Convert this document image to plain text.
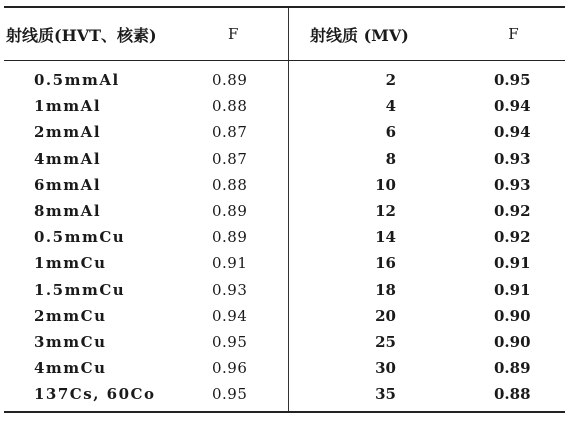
射线质(HVT、核素)	F	射线质 (MV)	F
0.5mmAl	0.89	2	0.95
1mmAl	0.88	4	0.94
2mmAl	0.87	6	0.94
4mmAl	0.87	8	0.93
6mmAl	0.88	10	0.93
8mmAl	0.89	12	0.92
0.5mmCu	0.89	14	0.92
1mmCu	0.91	16	0.91
1.5mmCu	0.93	18	0.91
2mmCu	0.94	20	0.90
3mmCu	0.95	25	0.90
4mmCu	0.96	30	0.89
137Cs, 60Co	0.95	35	0.88
